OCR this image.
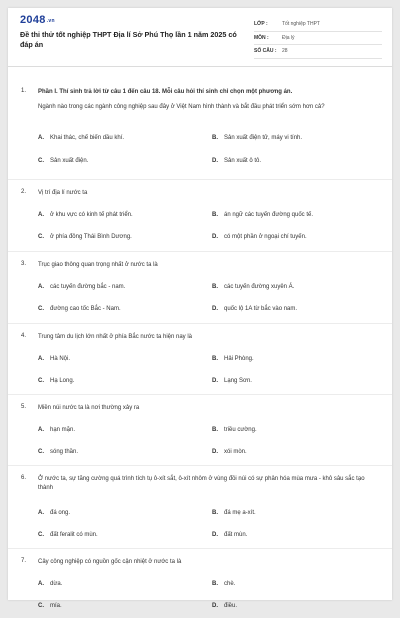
$2048^{.vn}$
Đề thi thử tốt nghiệp THPT Địa lí Sở Phú Thọ lần 1 năm 2025 có đáp án
LỚP :	Tốt nghiệp THPT
MÔN :	Địa lý
SỐ CÂU :	28
1. Phần I. Thí sinh trả lời từ câu 1 đến câu 18. Mỗi câu hỏi thí sinh chỉ chọn một phương án.
Ngành nào trong các ngành công nghiệp sau đây ở Việt Nam hình thành và bắt đầu phát triển sớm hơn cả?
A.	Khai thác, chế biến dầu khí.	B.	Sản xuất điện tử, máy vi tính.
C.	Sản xuất điện.	D.	Sản xuất ô tô.
2. Vị trí địa lí nước ta
A.	ở khu vực có kinh tế phát triển.	B.	án ngữ các tuyến đường quốc tế.
C.	ở phía đông Thái Bình Dương.	D.	có một phần ở ngoại chí tuyến.
3. Trục giao thông quan trọng nhất ở nước ta là
A.	các tuyến đường bắc - nam.	B.	các tuyến đường xuyên Á.
C.	đường cao tốc Bắc - Nam.	D.	quốc lộ 1A từ bắc vào nam.
4. Trung tâm du lịch lớn nhất ở phía Bắc nước ta hiện nay là
A.	Hà Nội.	B.	Hải Phòng.
C.	Hạ Long.	D.	Lạng Sơn.
5. Miền núi nước ta là nơi thường xảy ra
A.	hạn mặn.	B.	triều cường.
C.	sóng thần.	D.	xói mòn.
6. Ở nước ta, sự tăng cường quá trình tích tụ ô-xít sắt, ô-xít nhôm ở vùng đồi núi có sự phân hóa mùa mưa - khô sâu sắc tạo thành
A.	đá ong.	B.	đá mẹ a-xít.
C.	đất feralit có mùn.	D.	đất mùn.
7. Cây công nghiệp có nguồn gốc cận nhiệt ở nước ta là
A.	dừa.	B.	chè.
C.	mía.	D.	điều.
